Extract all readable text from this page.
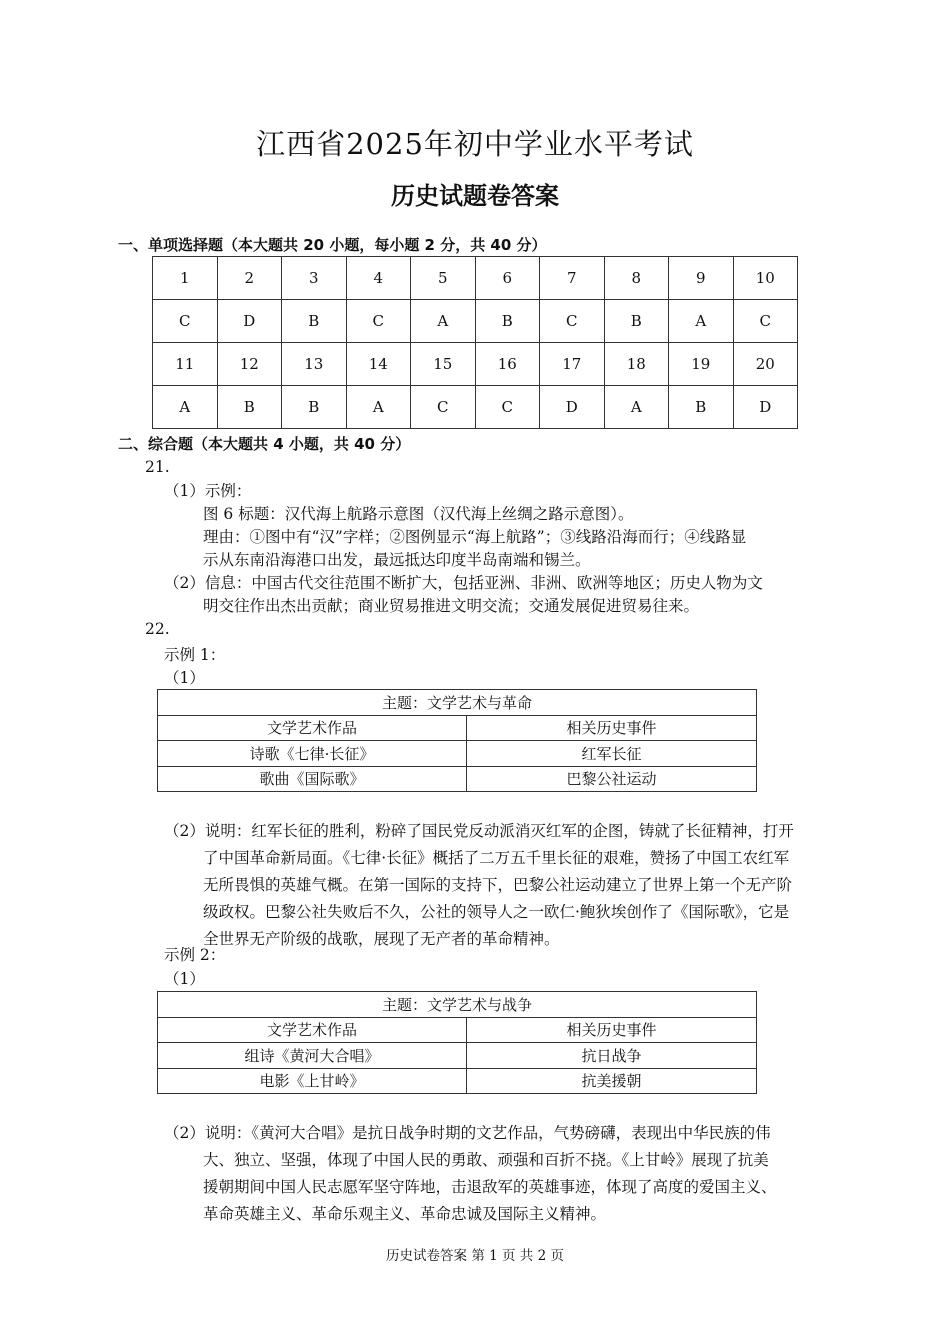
江西省2025年初中学业水平考试
历史试题卷答案
一、单项选择题（本大题共 20 小题，每小题 2 分，共 40 分）
1	2	3	4	5	6	7	8	9	10
C	D	B	C	A	B	C	B	A	C
11	12	13	14	15	16	17	18	19	20
A	B	B	A	C	C	D	A	B	D
二、综合题（本大题共 4 小题，共 40 分）
21.
（1）示例：
图 6 标题：汉代海上航路示意图（汉代海上丝绸之路示意图）。
理由：①图中有“汉”字样；②图例显示“海上航路”；③线路沿海而行；④线路显
示从东南沿海港口出发，最远抵达印度半岛南端和锡兰。
（2）信息：中国古代交往范围不断扩大，包括亚洲、非洲、欧洲等地区；历史人物为文
明交往作出杰出贡献；商业贸易推进文明交流；交通发展促进贸易往来。
22.
示例 1：
（1）
主题：文学艺术与革命	
文学艺术作品	相关历史事件
诗歌《七律·长征》	红军长征
歌曲《国际歌》	巴黎公社运动
（2）说明：红军长征的胜利，粉碎了国民党反动派消灭红军的企图，铸就了长征精神，打开
了中国革命新局面。《七律·长征》概括了二万五千里长征的艰难，赞扬了中国工农红军
无所畏惧的英雄气概。在第一国际的支持下，巴黎公社运动建立了世界上第一个无产阶
级政权。巴黎公社失败后不久，公社的领导人之一欧仁·鲍狄埃创作了《国际歌》，它是
全世界无产阶级的战歌，展现了无产者的革命精神。
示例 2：
（1）
主题：文学艺术与战争	
文学艺术作品	相关历史事件
组诗《黄河大合唱》	抗日战争
电影《上甘岭》	抗美援朝
（2）说明：《黄河大合唱》是抗日战争时期的文艺作品，气势磅礴，表现出中华民族的伟
大、独立、坚强，体现了中国人民的勇敢、顽强和百折不挠。《上甘岭》展现了抗美
援朝期间中国人民志愿军坚守阵地，击退敌军的英雄事迹，体现了高度的爱国主义、
革命英雄主义、革命乐观主义、革命忠诚及国际主义精神。
历史试卷答案 第 1 页 共 2 页
